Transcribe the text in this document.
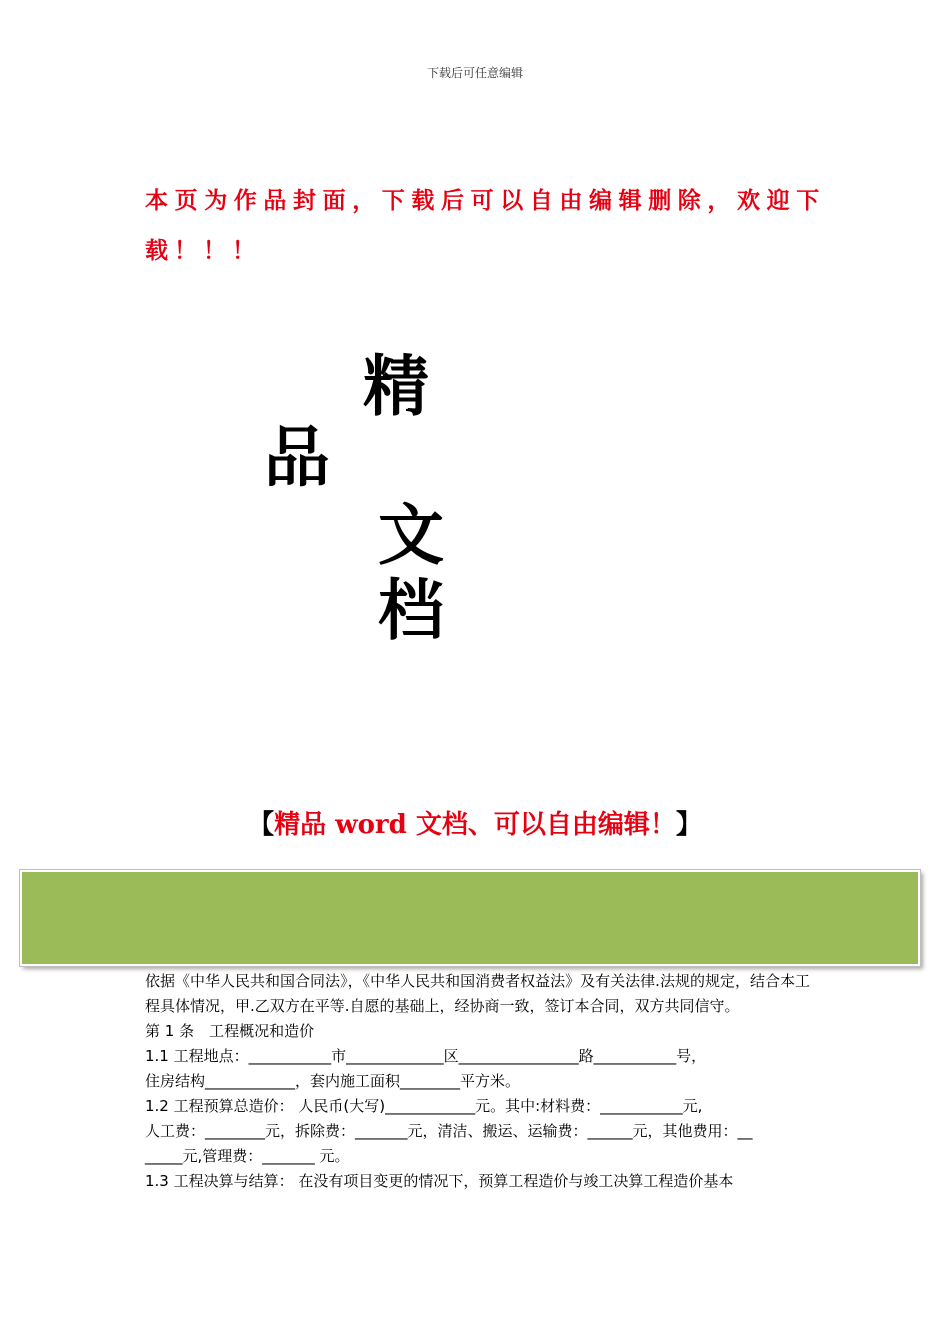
下载后可任意编辑
本页为作品封面，下载后可以自由编辑删除，欢迎下
载！！！
精
品
文
档
【精品 word 文档、可以自由编辑！】

依据《中华人民共和国合同法》，《中华人民共和国消费者权益法》及有关法律.法规的规定，结合本工程具体情况，甲.乙双方在平等.自愿的基础上，经协商一致，签订本合同，双方共同信守。

第 1 条　工程概况和造价

1.1 工程地点：___________市_____________区________________路___________号，

住房结构____________，套内施工面积________平方米。

1.2 工程预算总造价： 人民币(大写)____________元。其中:材料费：___________元,

人工费：________元，拆除费：_______元，清洁、搬运、运输费：______元，其他费用：__

_____元,管理费：_______ 元。

1.3 工程决算与结算： 在没有项目变更的情况下，预算工程造价与竣工决算工程造价基本
